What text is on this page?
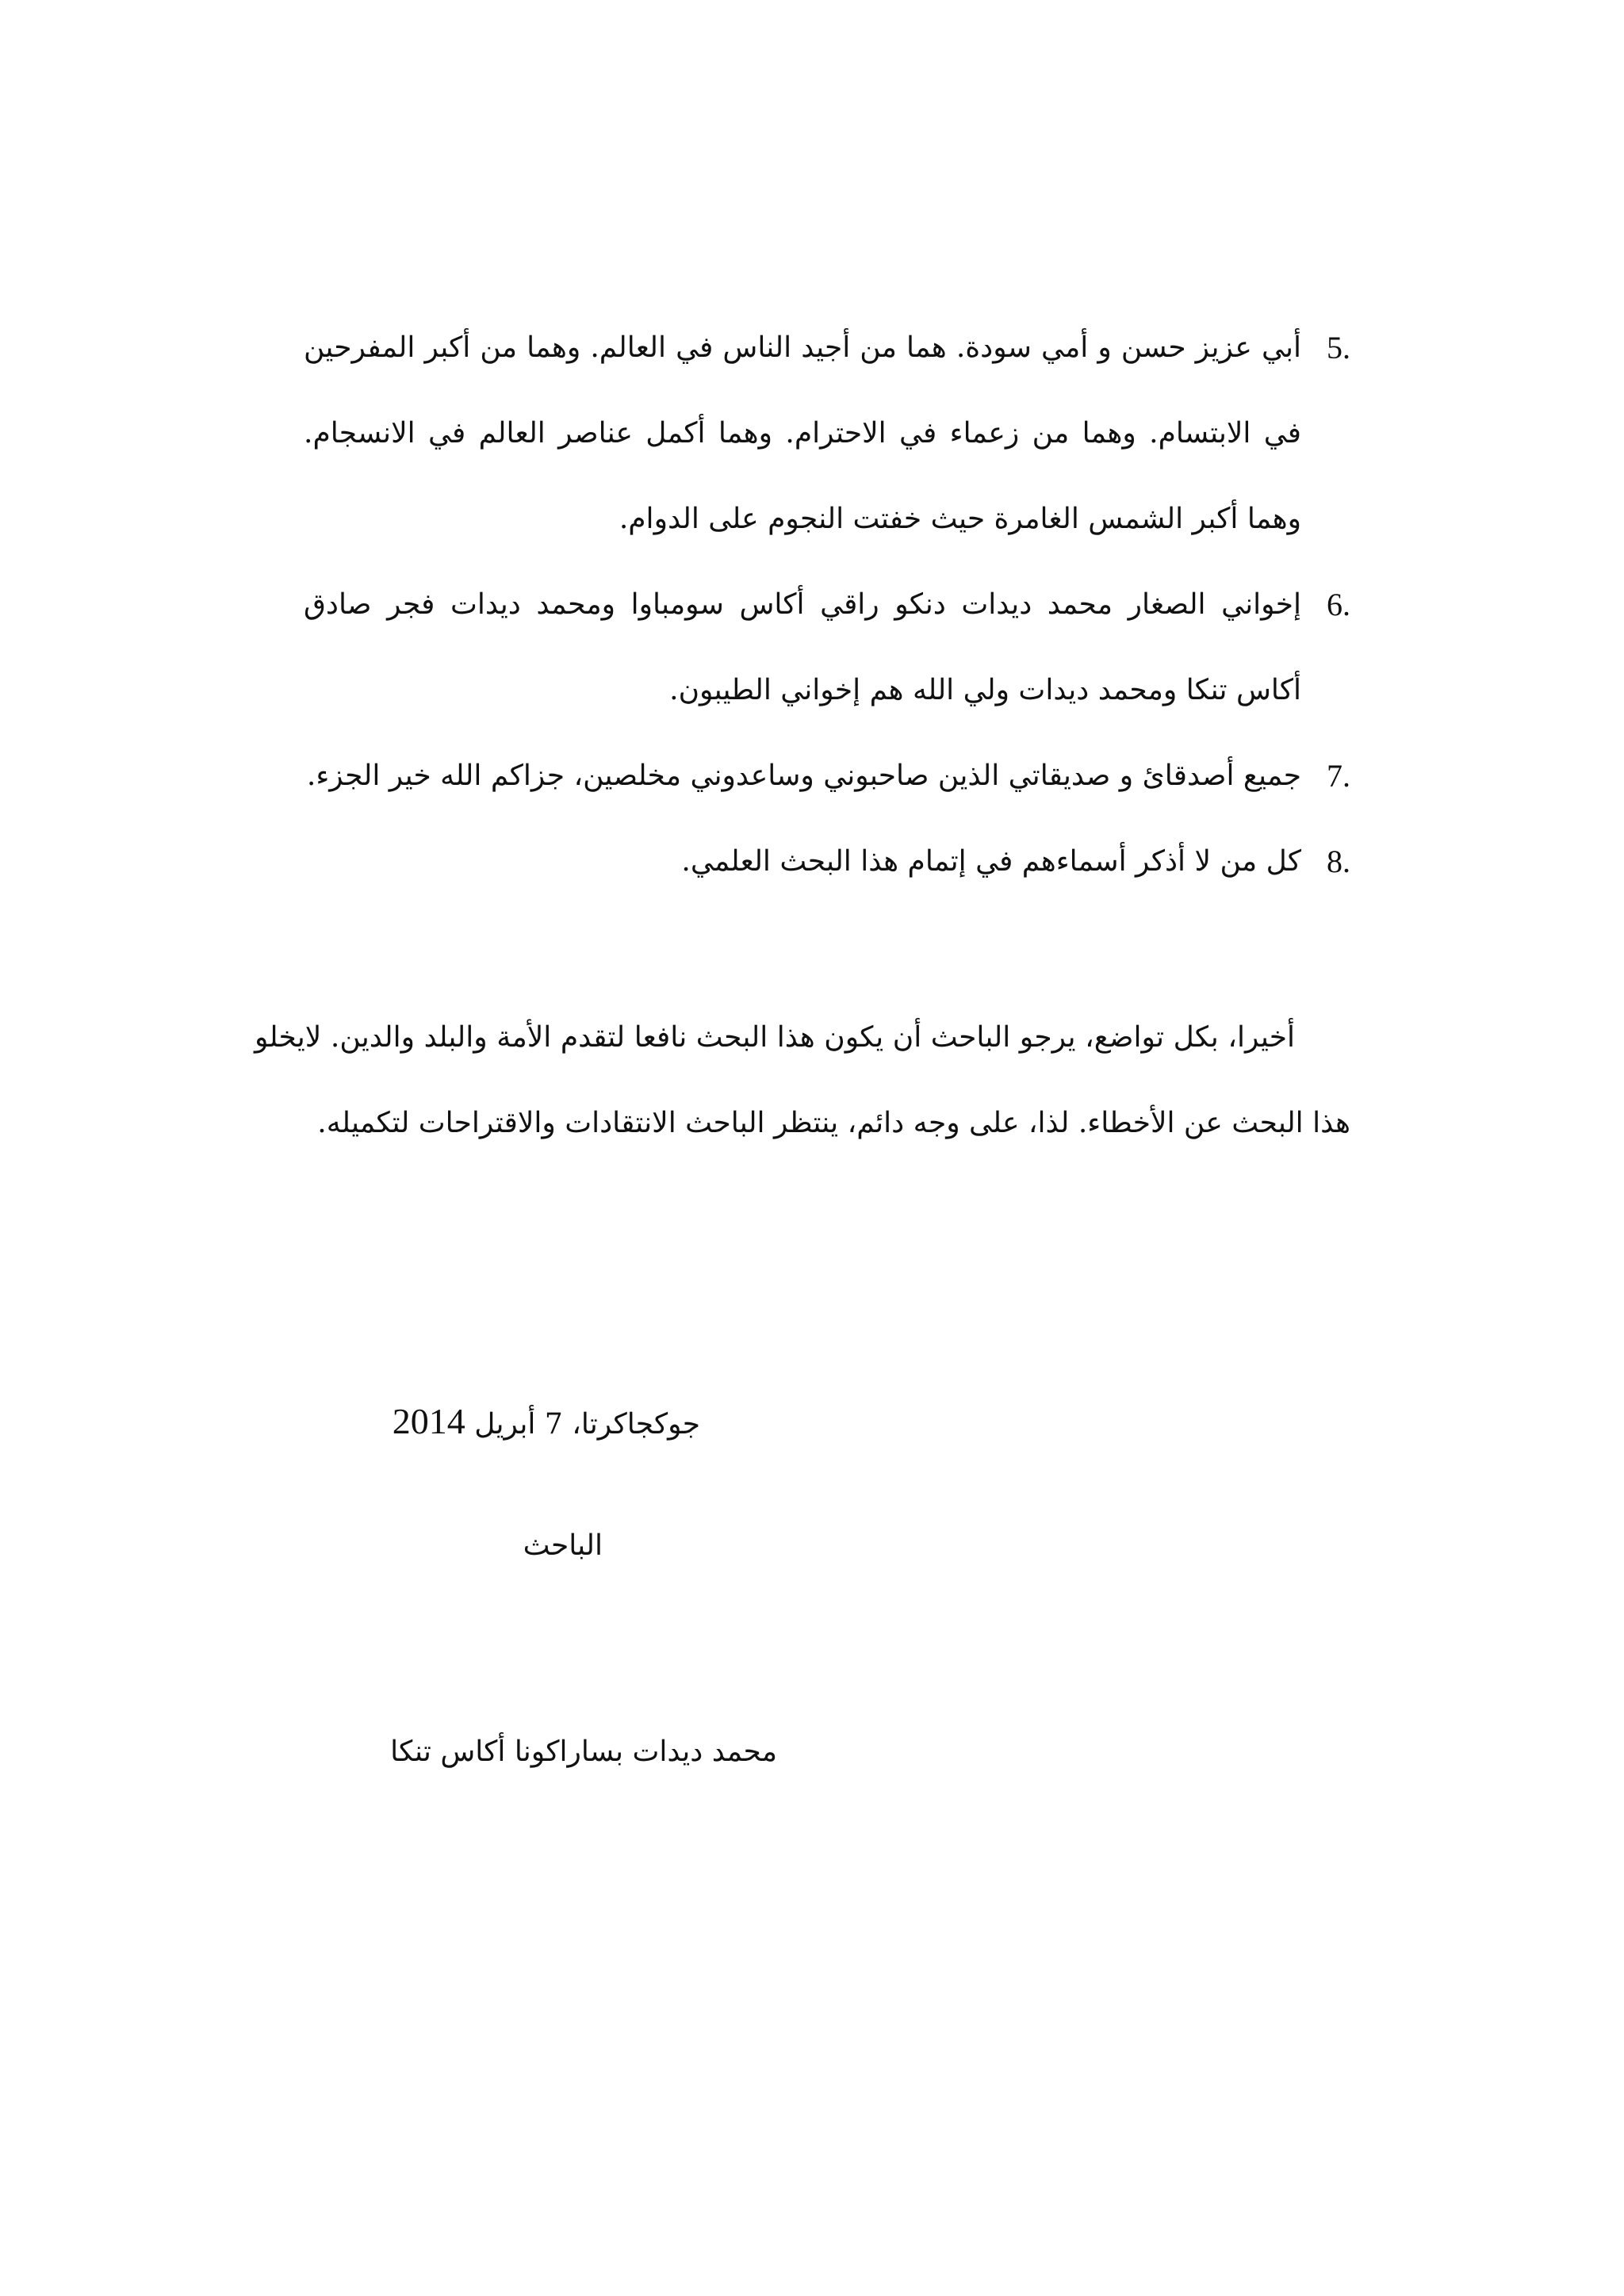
5.
أبي عزيز حسن و أمي سودة. هما من أجيد الناس في العالم. وهما من أكبر المفرحين في الابتسام. وهما من زعماء في الاحترام. وهما أكمل عناصر العالم في الانسجام. وهما أكبر الشمس الغامرة حيث خفتت النجوم على الدوام.
6.
إخواني الصغار محمد ديدات دنكو راقي أكاس سومباوا ومحمد ديدات فجر صادق أكاس تنكا ومحمد ديدات ولي الله هم إخواني الطيبون.
7.
جميع أصدقائ و صديقاتي الذين صاحبوني وساعدوني مخلصين، جزاكم الله خير الجزء.
8.
كل من لا أذكر أسماءهم في إتمام هذا البحث العلمي.

أخيرا، بكل تواضع، يرجو الباحث أن يكون هذا البحث نافعا لتقدم الأمة والبلد والدين. لايخلو هذا البحث عن الأخطاء. لذا، على وجه دائم، ينتظر الباحث الانتقادات والاقتراحات لتكميله.

جوكجاكرتا، 7 أبريل 2014

الباحث

محمد ديدات بساراكونا أكاس تنكا
